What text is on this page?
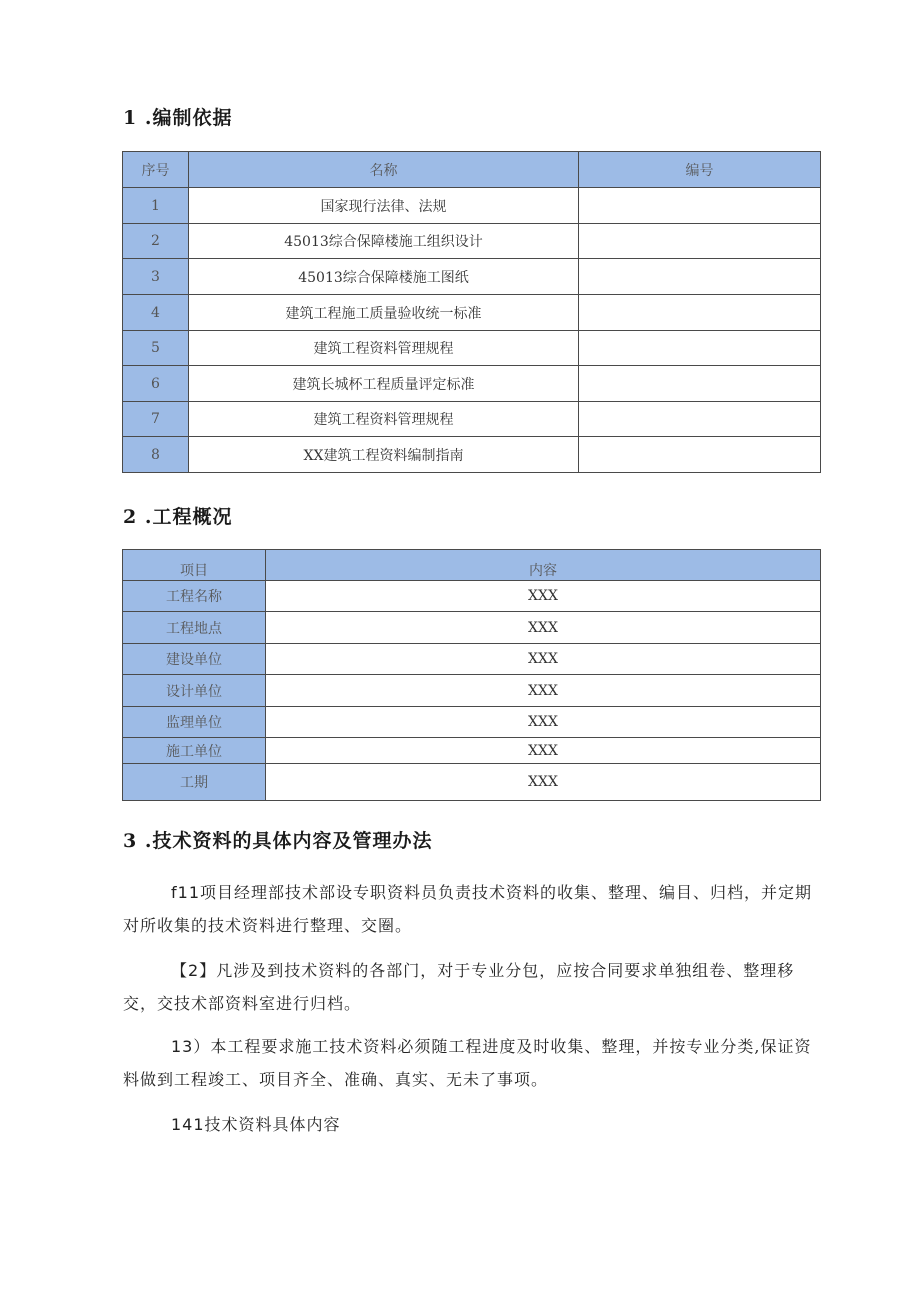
1 .编制依据
序号	名称	编号
1	国家现行法律、法规	
2	45013综合保障楼施工组织设计	
3	45013综合保障楼施工图纸	
4	建筑工程施工质量验收统一标准	
5	建筑工程资料管理规程	
6	建筑长城杯工程质量评定标准	
7	建筑工程资料管理规程	
8	XX建筑工程资料编制指南	
2 .工程概况
项目	内容
工程名称	XXX
工程地点	XXX
建设单位	XXX
设计单位	XXX
监理单位	XXX
施工单位	XXX
工期	XXX
3 .技术资料的具体内容及管理办法

f11项目经理部技术部设专职资料员负责技术资料的收集、整理、编目、归档，并定期对所收集的技术资料进行整理、交圈。

【2】凡涉及到技术资料的各部门，对于专业分包，应按合同要求单独组卷、整理移交，交技术部资料室进行归档。

13）本工程要求施工技术资料必须随工程进度及时收集、整理，并按专业分类,保证资料做到工程竣工、项目齐全、准确、真实、无未了事项。

141技术资料具体内容
